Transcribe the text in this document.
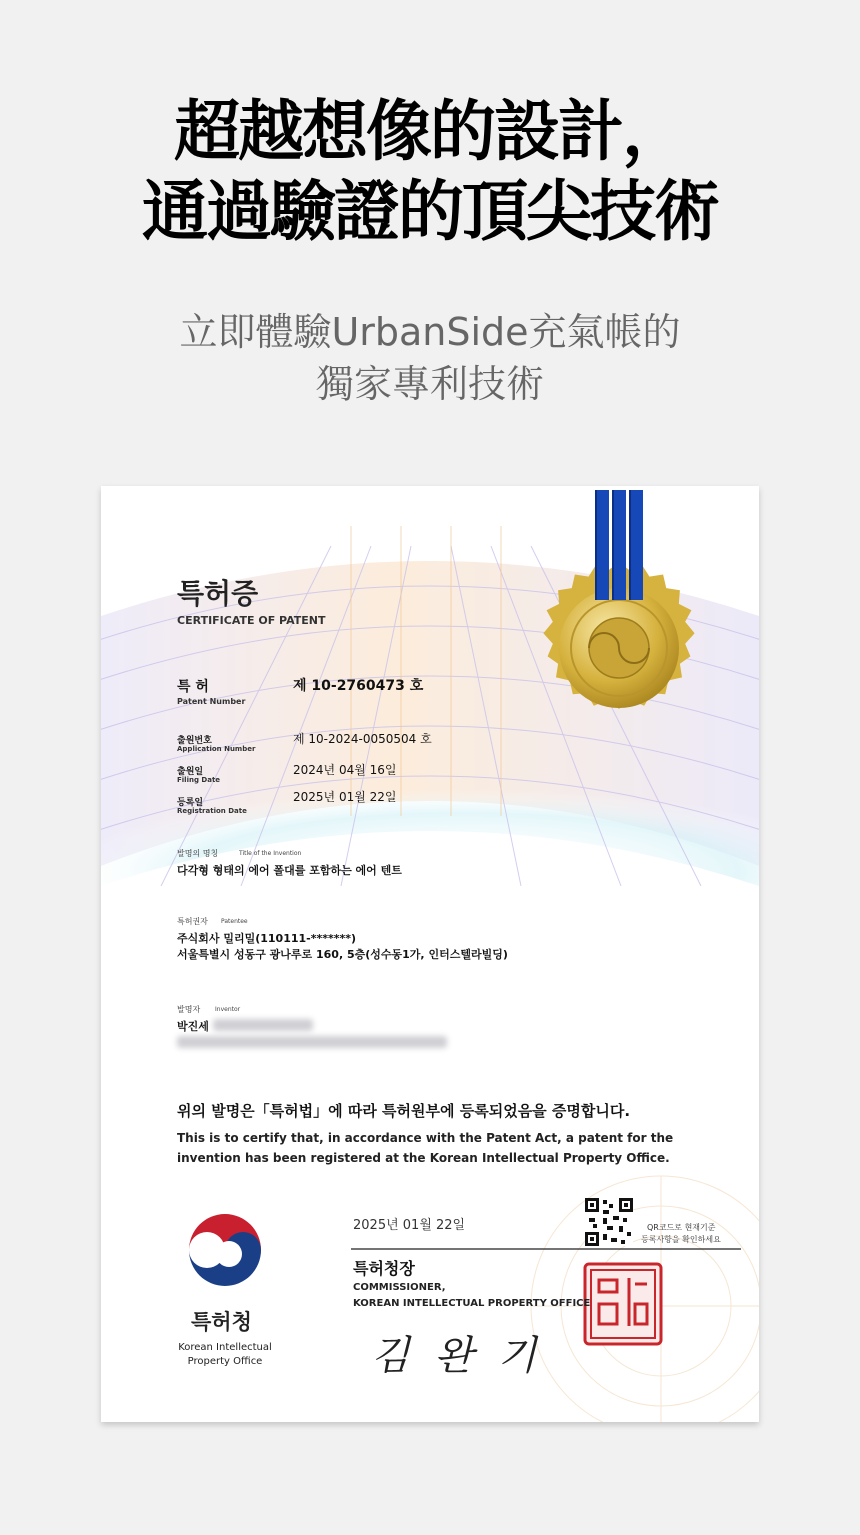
超越想像的設計，
通過驗證的頂尖技術
立即體驗UrbanSide充氣帳的
獨家專利技術
특허증
CERTIFICATE OF PATENT
특 허
Patent Number
제 10-2760473 호
출원번호
Application Number
제 10-2024-0050504 호
출원일
Filing Date
2024년 04월 16일
등록일
Registration Date
2025년 01월 22일
발명의 명칭	Title of the Invention
다각형 형태의 에어 폴대를 포함하는 에어 텐트
특허권자 Patentee
주식회사 밀리밀(110111-*******)
서울특별시 성동구 광나루로 160, 5층(성수동1가, 인터스텔라빌딩)
발명자 Inventor
박진세
위의 발명은「특허법」에 따라 특허원부에 등록되었음을 증명합니다.
This is to certify that, in accordance with the Patent Act, a patent for the
invention has been registered at the Korean Intellectual Property Office.
2025년 01월 22일	QR코드로 현재기준
등록사항을 확인하세요
특허청장
COMMISSIONER,
KOREAN INTELLECTUAL PROPERTY OFFICE
김 완 기
특허청
Korean Intellectual
Property Office
